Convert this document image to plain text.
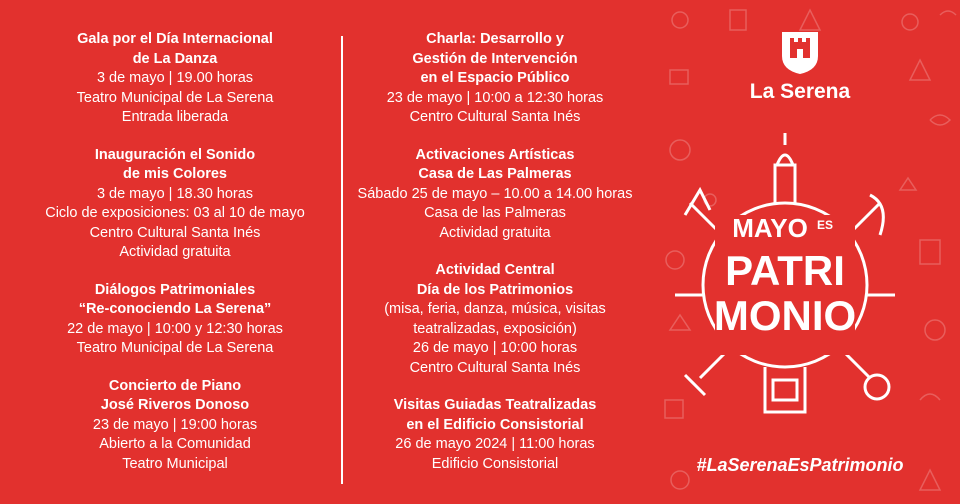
Gala por el Día Internacional
de La Danza
3 de mayo | 19.00 horas
Teatro Municipal de La Serena
Entrada liberada
Inauguración el Sonido
de mis Colores
3 de mayo | 18.30 horas
Ciclo de exposiciones: 03 al 10 de mayo
Centro Cultural Santa Inés
Actividad gratuita
Diálogos Patrimoniales
“Re-conociendo La Serena”
22 de mayo | 10:00 y 12:30 horas
Teatro Municipal de La Serena
Concierto de Piano
José Riveros Donoso
23 de mayo | 19:00 horas
Abierto a la Comunidad
Teatro Municipal
Charla: Desarrollo y
Gestión de Intervención
en el Espacio Público
23 de mayo | 10:00 a 12:30 horas
Centro Cultural Santa Inés
Activaciones Artísticas
Casa de Las Palmeras
Sábado 25 de mayo – 10.00 a 14.00 horas
Casa de las Palmeras
Actividad gratuita
Actividad Central
Día de los Patrimonios
(misa, feria, danza, música, visitas
teatralizadas, exposición)
26 de mayo | 10:00 horas
Centro Cultural Santa Inés
Visitas Guiadas Teatralizadas
en el Edificio Consistorial
26 de mayo 2024 | 11:00 horas
Edificio Consistorial
La Serena
MAYO ES
PATRI
MONIO
#LaSerenaEsPatrimonio
